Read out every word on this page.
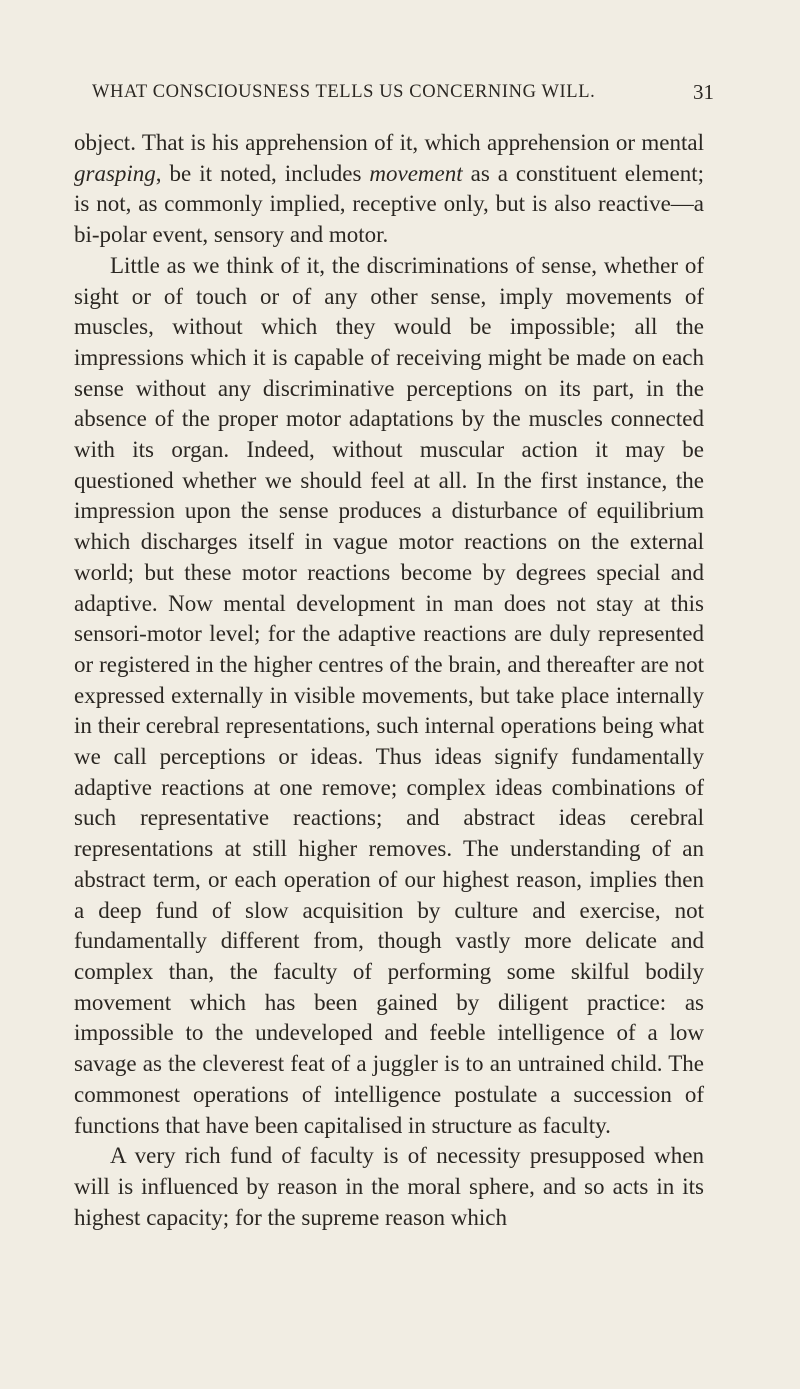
WHAT CONSCIOUSNESS TELLS US CONCERNING WILL.	31

object. That is his apprehension of it, which apprehension or mental grasping, be it noted, includes movement as a constituent element; is not, as commonly implied, receptive only, but is also reactive—a bi-polar event, sensory and motor.

Little as we think of it, the discriminations of sense, whether of sight or of touch or of any other sense, imply movements of muscles, without which they would be impossible; all the impressions which it is capable of receiving might be made on each sense without any discriminative perceptions on its part, in the absence of the proper motor adaptations by the muscles connected with its organ. Indeed, without muscular action it may be questioned whether we should feel at all. In the first instance, the impression upon the sense produces a disturbance of equilibrium which discharges itself in vague motor reactions on the external world; but these motor reactions become by degrees special and adaptive. Now mental development in man does not stay at this sensori-motor level; for the adaptive reactions are duly represented or registered in the higher centres of the brain, and thereafter are not expressed externally in visible movements, but take place internally in their cerebral representations, such internal operations being what we call perceptions or ideas. Thus ideas signify fundamentally adaptive reactions at one remove; complex ideas combinations of such representative reactions; and abstract ideas cerebral representations at still higher removes. The understanding of an abstract term, or each operation of our highest reason, implies then a deep fund of slow acquisition by culture and exercise, not fundamentally different from, though vastly more delicate and complex than, the faculty of performing some skilful bodily movement which has been gained by diligent practice: as impossible to the undeveloped and feeble intelligence of a low savage as the cleverest feat of a juggler is to an untrained child. The commonest operations of intelligence postulate a succession of functions that have been capitalised in structure as faculty.

A very rich fund of faculty is of necessity presupposed when will is influenced by reason in the moral sphere, and so acts in its highest capacity; for the supreme reason which
